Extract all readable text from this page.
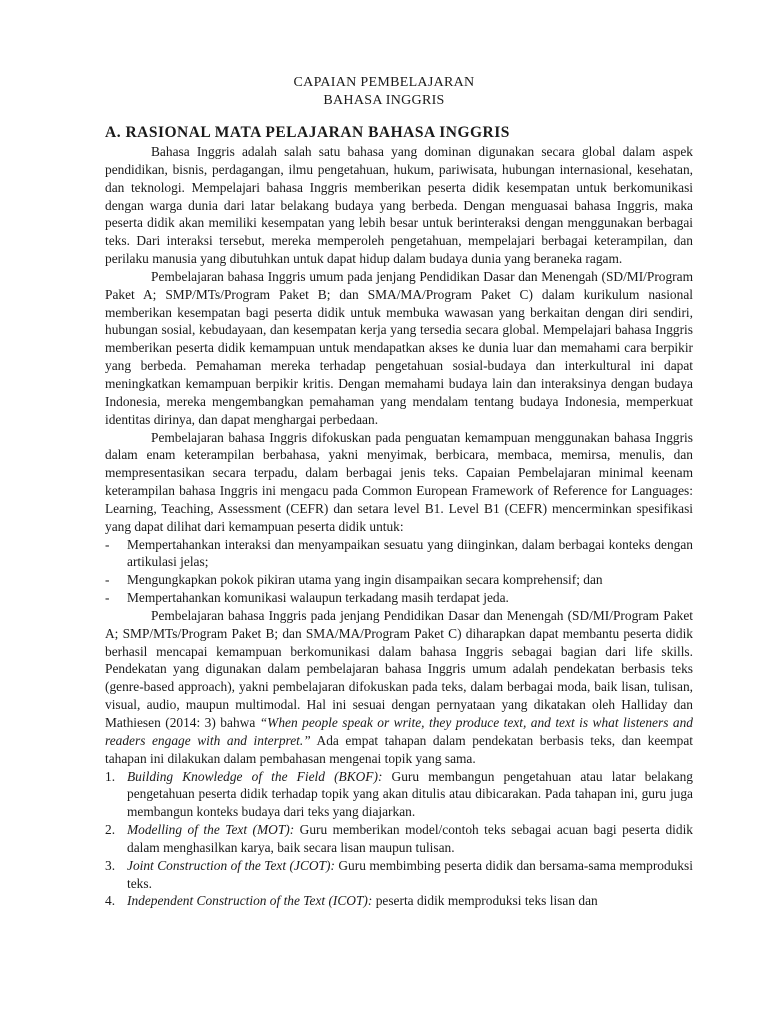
CAPAIAN PEMBELAJARAN
BAHASA INGGRIS
A. RASIONAL MATA PELAJARAN BAHASA INGGRIS

Bahasa Inggris adalah salah satu bahasa yang dominan digunakan secara global dalam aspek pendidikan, bisnis, perdagangan, ilmu pengetahuan, hukum, pariwisata, hubungan internasional, kesehatan, dan teknologi. Mempelajari bahasa Inggris memberikan peserta didik kesempatan untuk berkomunikasi dengan warga dunia dari latar belakang budaya yang berbeda. Dengan menguasai bahasa Inggris, maka peserta didik akan memiliki kesempatan yang lebih besar untuk berinteraksi dengan menggunakan berbagai teks. Dari interaksi tersebut, mereka memperoleh pengetahuan, mempelajari berbagai keterampilan, dan perilaku manusia yang dibutuhkan untuk dapat hidup dalam budaya dunia yang beraneka ragam.

Pembelajaran bahasa Inggris umum pada jenjang Pendidikan Dasar dan Menengah (SD/MI/Program Paket A; SMP/MTs/Program Paket B; dan SMA/MA/Program Paket C) dalam kurikulum nasional memberikan kesempatan bagi peserta didik untuk membuka wawasan yang berkaitan dengan diri sendiri, hubungan sosial, kebudayaan, dan kesempatan kerja yang tersedia secara global. Mempelajari bahasa Inggris memberikan peserta didik kemampuan untuk mendapatkan akses ke dunia luar dan memahami cara berpikir yang berbeda. Pemahaman mereka terhadap pengetahuan sosial-budaya dan interkultural ini dapat meningkatkan kemampuan berpikir kritis. Dengan memahami budaya lain dan interaksinya dengan budaya Indonesia, mereka mengembangkan pemahaman yang mendalam tentang budaya Indonesia, memperkuat identitas dirinya, dan dapat menghargai perbedaan.

Pembelajaran bahasa Inggris difokuskan pada penguatan kemampuan menggunakan bahasa Inggris dalam enam keterampilan berbahasa, yakni menyimak, berbicara, membaca, memirsa, menulis, dan mempresentasikan secara terpadu, dalam berbagai jenis teks. Capaian Pembelajaran minimal keenam keterampilan bahasa Inggris ini mengacu pada Common European Framework of Reference for Languages: Learning, Teaching, Assessment (CEFR) dan setara level B1. Level B1 (CEFR) mencerminkan spesifikasi yang dapat dilihat dari kemampuan peserta didik untuk:

-	Mempertahankan interaksi dan menyampaikan sesuatu yang diinginkan, dalam berbagai konteks dengan artikulasi jelas;
-	Mengungkapkan pokok pikiran utama yang ingin disampaikan secara komprehensif; dan
-	Mempertahankan komunikasi walaupun terkadang masih terdapat jeda.

Pembelajaran bahasa Inggris pada jenjang Pendidikan Dasar dan Menengah (SD/MI/Program Paket A; SMP/MTs/Program Paket B; dan SMA/MA/Program Paket C) diharapkan dapat membantu peserta didik berhasil mencapai kemampuan berkomunikasi dalam bahasa Inggris sebagai bagian dari life skills. Pendekatan yang digunakan dalam pembelajaran bahasa Inggris umum adalah pendekatan berbasis teks (genre-based approach), yakni pembelajaran difokuskan pada teks, dalam berbagai moda, baik lisan, tulisan, visual, audio, maupun multimodal. Hal ini sesuai dengan pernyataan yang dikatakan oleh Halliday dan Mathiesen (2014: 3) bahwa “When people speak or write, they produce text, and text is what listeners and readers engage with and interpret.” Ada empat tahapan dalam pendekatan berbasis teks, dan keempat tahapan ini dilakukan dalam pembahasan mengenai topik yang sama.

1. Building Knowledge of the Field (BKOF): Guru membangun pengetahuan atau latar belakang pengetahuan peserta didik terhadap topik yang akan ditulis atau dibicarakan. Pada tahapan ini, guru juga membangun konteks budaya dari teks yang diajarkan.
2. Modelling of the Text (MOT): Guru memberikan model/contoh teks sebagai acuan bagi peserta didik dalam menghasilkan karya, baik secara lisan maupun tulisan.
3. Joint Construction of the Text (JCOT): Guru membimbing peserta didik dan bersama-sama memproduksi teks.
4. Independent Construction of the Text (ICOT): peserta didik memproduksi teks lisan dan
